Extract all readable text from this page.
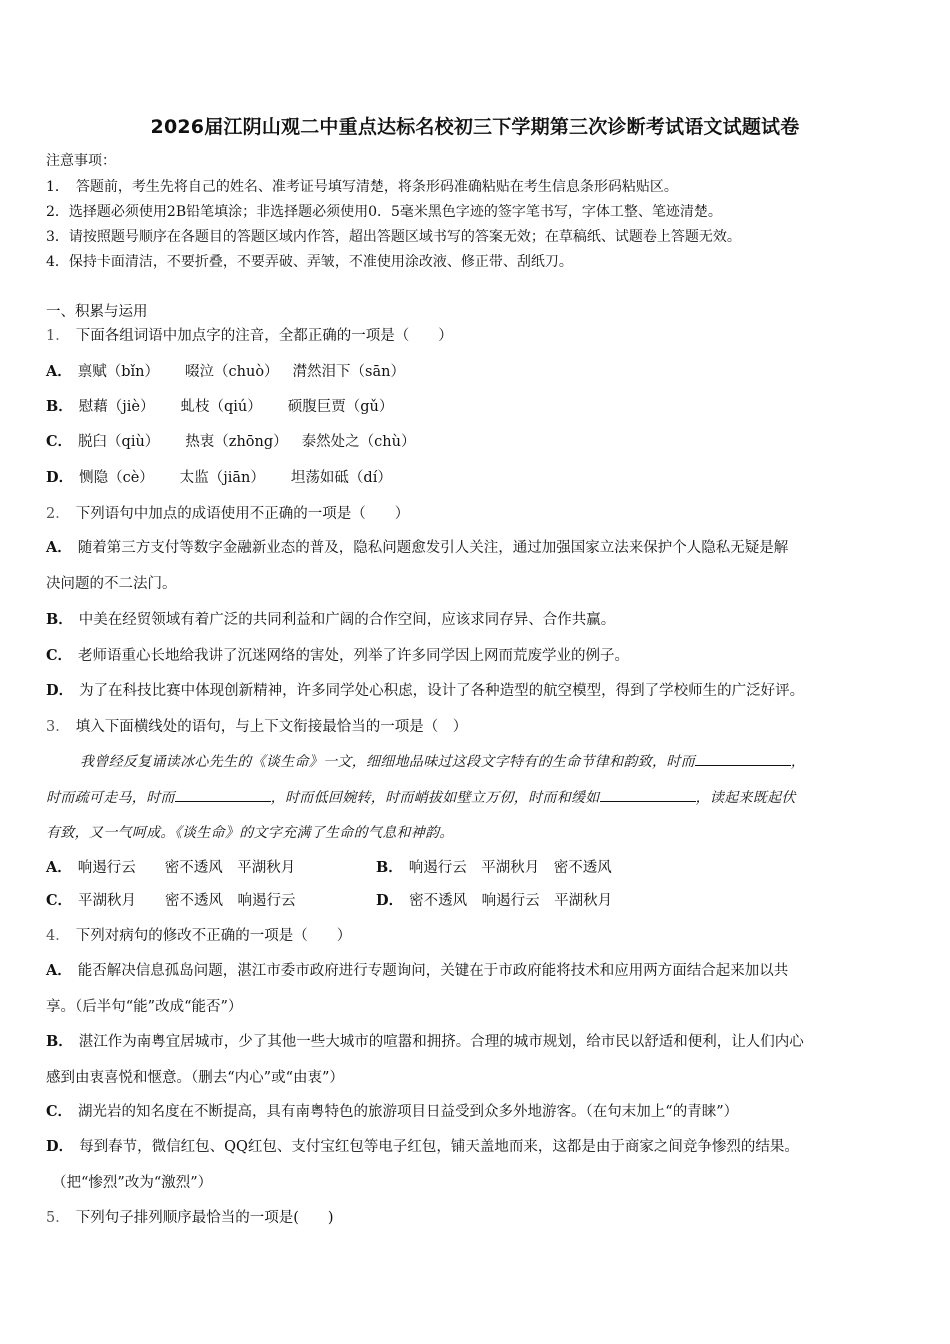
2026届江阴山观二中重点达标名校初三下学期第三次诊断考试语文试题试卷
注意事项：
1．　答题前，考生先将自己的姓名、准考证号填写清楚，将条形码准确粘贴在考生信息条形码粘贴区。
2．选择题必须使用2B铅笔填涂；非选择题必须使用0．5毫米黑色字迹的签字笔书写，字体工整、笔迹清楚。
3．请按照题号顺序在各题目的答题区域内作答，超出答题区域书写的答案无效；在草稿纸、试题卷上答题无效。
4．保持卡面清洁，不要折叠，不要弄破、弄皱，不准使用涂改液、修正带、刮纸刀。
一、积累与运用
1． 下面各组词语中加点字的注音，全都正确的一项是（　　）
A． 禀赋（bǐn） 啜泣（chuò） 潸然泪下（sān）
B． 慰藉（jiè） 虬枝（qiú） 硕腹巨贾（gǔ）
C． 脱臼（qiù） 热衷（zhōng） 泰然处之（chù）
D． 恻隐（cè） 太监（jiān） 坦荡如砥（dí）
2． 下列语句中加点的成语使用不正确的一项是（　　）
A． 随着第三方支付等数字金融新业态的普及，隐私问题愈发引人关注，通过加强国家立法来保护个人隐私无疑是解
决问题的不二法门。
B． 中美在经贸领域有着广泛的共同利益和广阔的合作空间，应该求同存异、合作共赢。
C． 老师语重心长地给我讲了沉迷网络的害处，列举了许多同学因上网而荒废学业的例子。
D． 为了在科技比赛中体现创新精神，许多同学处心积虑，设计了各种造型的航空模型，得到了学校师生的广泛好评。
3． 填入下面横线处的语句，与上下文衔接最恰当的一项是（　）
我曾经反复诵读冰心先生的《谈生命》一文，细细地品味过这段文字特有的生命节律和韵致，时而	，
时而疏可走马，时而	，时而低回婉转，时而峭拔如壁立万仞，时而和缓如	，读起来既起伏
有致，又一气呵成。《谈生命》的文字充满了生命的气息和神韵。
A． 响遏行云　　密不透风　平湖秋月	B． 响遏行云　平湖秋月　密不透风
C． 平湖秋月　　密不透风　响遏行云	D． 密不透风　响遏行云　平湖秋月
4． 下列对病句的修改不正确的一项是（　　）
A． 能否解决信息孤岛问题，湛江市委市政府进行专题询问，关键在于市政府能将技术和应用两方面结合起来加以共
享。（后半句“能”改成“能否”）
B． 湛江作为南粤宜居城市，少了其他一些大城市的喧嚣和拥挤。合理的城市规划，给市民以舒适和便利，让人们内心
感到由衷喜悦和惬意。（删去“内心”或“由衷”）
C． 湖光岩的知名度在不断提高，具有南粤特色的旅游项目日益受到众多外地游客。（在句末加上“的青睐”）
D． 每到春节，微信红包、QQ红包、支付宝红包等电子红包，铺天盖地而来，这都是由于商家之间竞争惨烈的结果。
（把“惨烈”改为“激烈”）
5． 下列句子排列顺序最恰当的一项是(　　)
